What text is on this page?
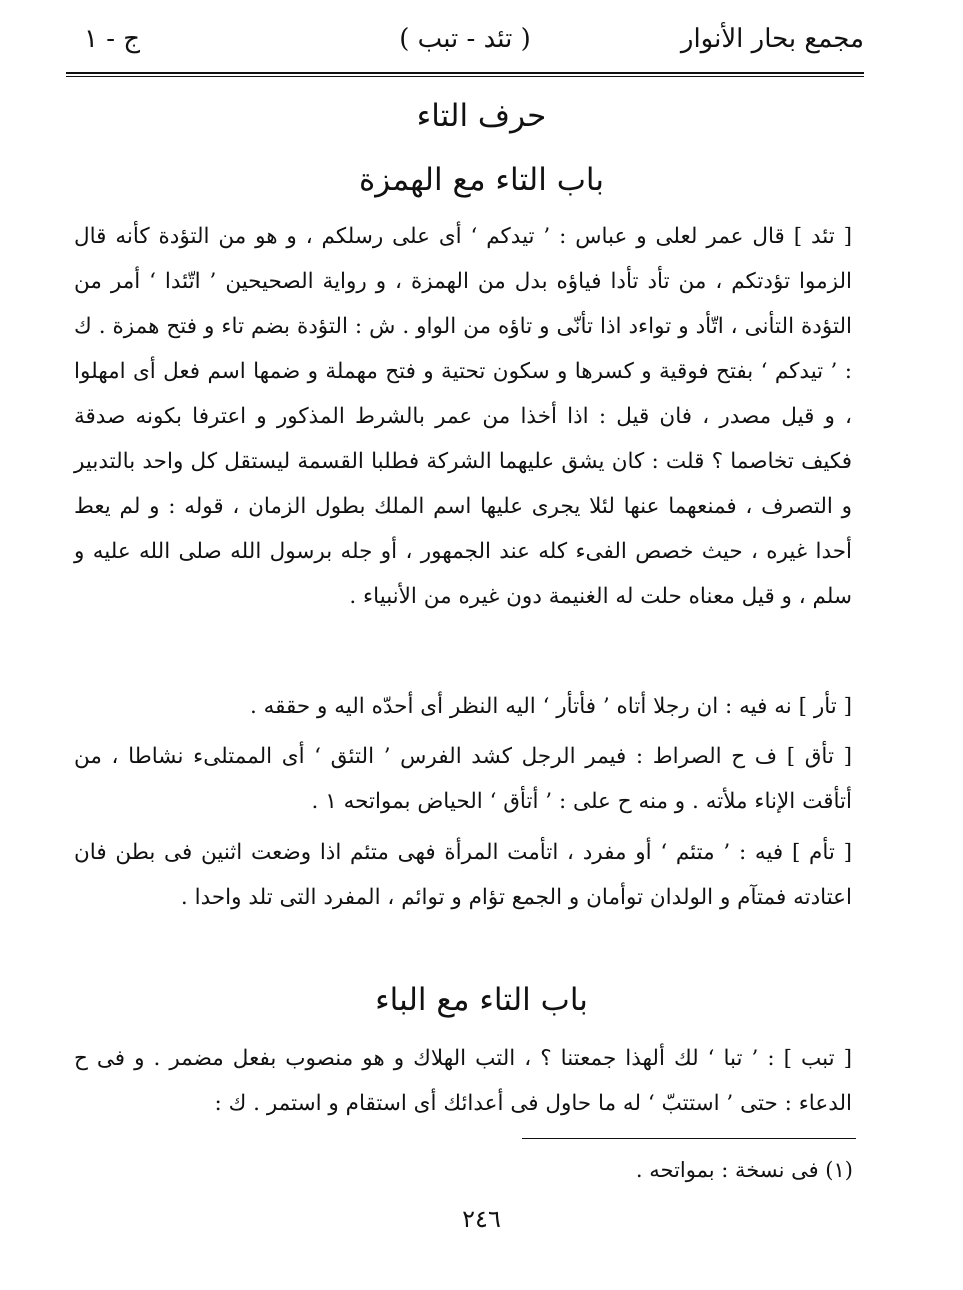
مجمع بحار الأنوار
( تئد - تبب )
ج - ١
حرف التاء
باب التاء مع الهمزة

[ تئد ] قال عمر لعلى و عباس : ’ تيدكم ‘ أى على رسلكم ، و هو من التؤدة كأنه قال الزموا تؤدتكم ، من تأد تأدا فياؤه بدل من الهمزة ، و رواية الصحيحين ’ اتّئدا ‘ أمر من التؤدة التأنى ، اتّأد و تواءد اذا تأنّى و تاؤه من الواو . ش : التؤدة بضم تاء و فتح همزة . ك : ’ تيدكم ‘ بفتح فوقية و كسرها و سكون تحتية و فتح مهملة و ضمها اسم فعل أى امهلوا ، و قيل مصدر ، فان قيل : اذا أخذا من عمر بالشرط المذكور و اعترفا بكونه صدقة فكيف تخاصما ؟ قلت : كان يشق عليهما الشركة فطلبا القسمة ليستقل كل واحد بالتدبير و التصرف ، فمنعهما عنها لئلا يجرى عليها اسم الملك بطول الزمان ، قوله : و لم يعط أحدا غيره ، حيث خصص الفىء كله عند الجمهور ، أو جله برسول الله صلى الله عليه و سلم ، و قيل معناه حلت له الغنيمة دون غيره من الأنبياء .

[ تأر ] نه فيه : ان رجلا أتاه ’ فأتأر ‘ اليه النظر أى أحدّه اليه و حققه .

[ تأق ] ف ح الصراط : فيمر الرجل كشد الفرس ’ التئق ‘ أى الممتلىء نشاطا ، من أتأقت الإناء ملأته . و منه ح على : ’ أتأق ‘ الحياض بمواتحه ١ .

[ تأم ] فيه : ’ متئم ‘ أو مفرد ، اتأمت المرأة فهى متئم اذا وضعت اثنين فى بطن فان اعتادته فمتآم و الولدان توأمان و الجمع تؤام و توائم ، المفرد التى تلد واحدا .

باب التاء مع الباء

[ تبب ] : ’ تبا ‘ لك ألهذا جمعتنا ؟ ، التب الهلاك و هو منصوب بفعل مضمر . و فى ح الدعاء : حتى ’ استتبّ ‘ له ما حاول فى أعدائك أى استقام و استمر . ك :

(١) فى نسخة : بمواتحه .
٢٤٦
